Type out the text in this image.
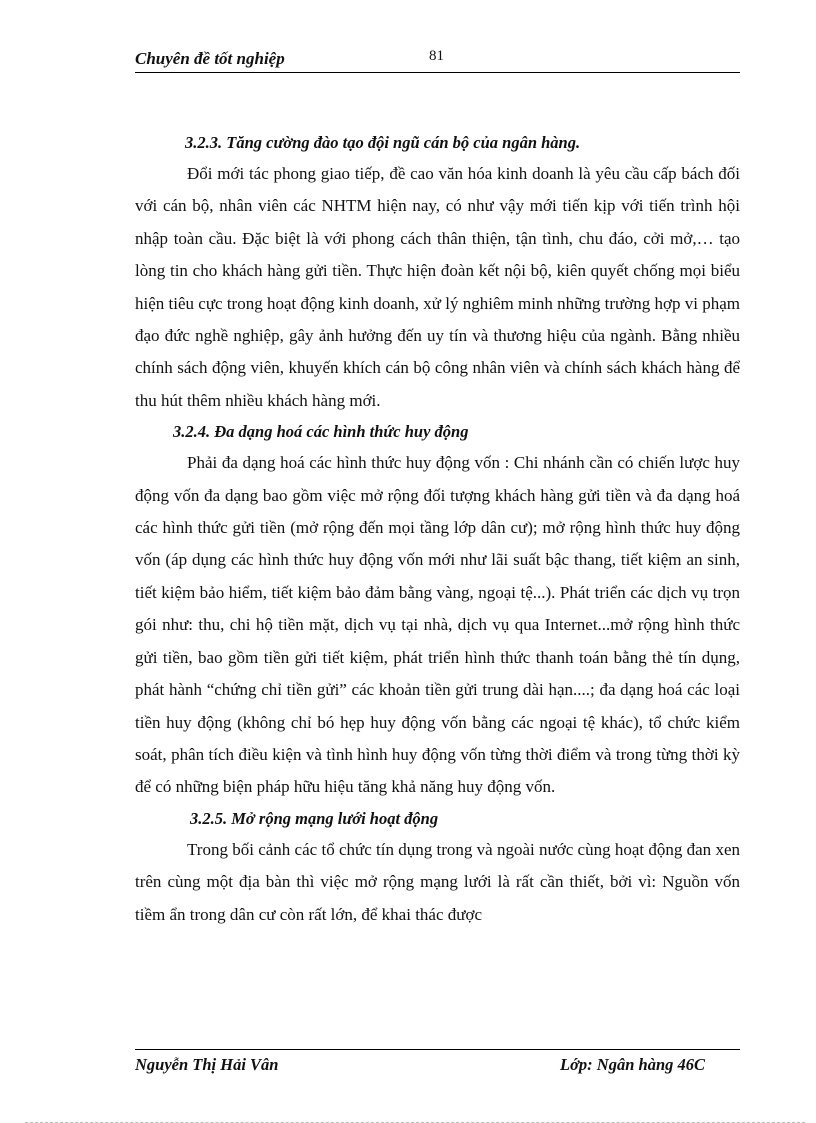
Chuyên đề tốt nghiệp	81
3.2.3. Tăng cường đào tạo đội ngũ cán bộ của ngân hàng.

Đổi mới tác phong giao tiếp, đề cao văn hóa kinh doanh là yêu cầu cấp bách đối với cán bộ, nhân viên các NHTM hiện nay, có như vậy mới tiến kịp với tiến trình hội nhập toàn cầu. Đặc biệt là với phong cách thân thiện, tận tình, chu đáo, cởi mở,… tạo lòng tin cho khách hàng gửi tiền. Thực hiện đoàn kết nội bộ, kiên quyết chống mọi biểu hiện tiêu cực trong hoạt động kinh doanh, xử lý nghiêm minh những trường hợp vi phạm đạo đức nghề nghiệp, gây ảnh hưởng đến uy tín và thương hiệu của ngành. Bằng nhiều chính sách động viên, khuyến khích cán bộ công nhân viên và chính sách khách hàng để thu hút thêm nhiều khách hàng mới.

3.2.4. Đa dạng hoá các hình thức huy động

Phải đa dạng hoá các hình thức huy động vốn : Chi nhánh cần có chiến lược huy động vốn đa dạng bao gồm việc mở rộng đối tượng khách hàng gửi tiền và đa dạng hoá các hình thức gửi tiền (mở rộng đến mọi tầng lớp dân cư); mở rộng hình thức huy động vốn (áp dụng các hình thức huy động vốn mới như lãi suất bậc thang, tiết kiệm an sinh, tiết kiệm bảo hiểm, tiết kiệm bảo đảm bằng vàng, ngoại tệ...). Phát triển các dịch vụ trọn gói như: thu, chi hộ tiền mặt, dịch vụ tại nhà, dịch vụ qua Internet...mở rộng hình thức gửi tiền, bao gồm tiền gửi tiết kiệm, phát triển hình thức thanh toán bằng thẻ tín dụng, phát hành “chứng chỉ tiền gửi” các khoản tiền gửi trung dài hạn....; đa dạng hoá các loại tiền huy động (không chỉ bó hẹp huy động vốn bằng các ngoại tệ khác), tổ chức kiểm soát, phân tích điều kiện và tình hình huy động vốn từng thời điểm và trong từng thời kỳ để có những biện pháp hữu hiệu tăng khả năng huy động vốn.

3.2.5. Mở rộng mạng lưới hoạt động

Trong bối cảnh các tổ chức tín dụng trong và ngoài nước cùng hoạt động đan xen trên cùng một địa bàn thì việc mở rộng mạng lưới là rất cần thiết, bởi vì: Nguồn vốn tiềm ẩn trong dân cư còn rất lớn, để khai thác được

Nguyễn Thị Hải Vân	Lớp: Ngân hàng 46C
